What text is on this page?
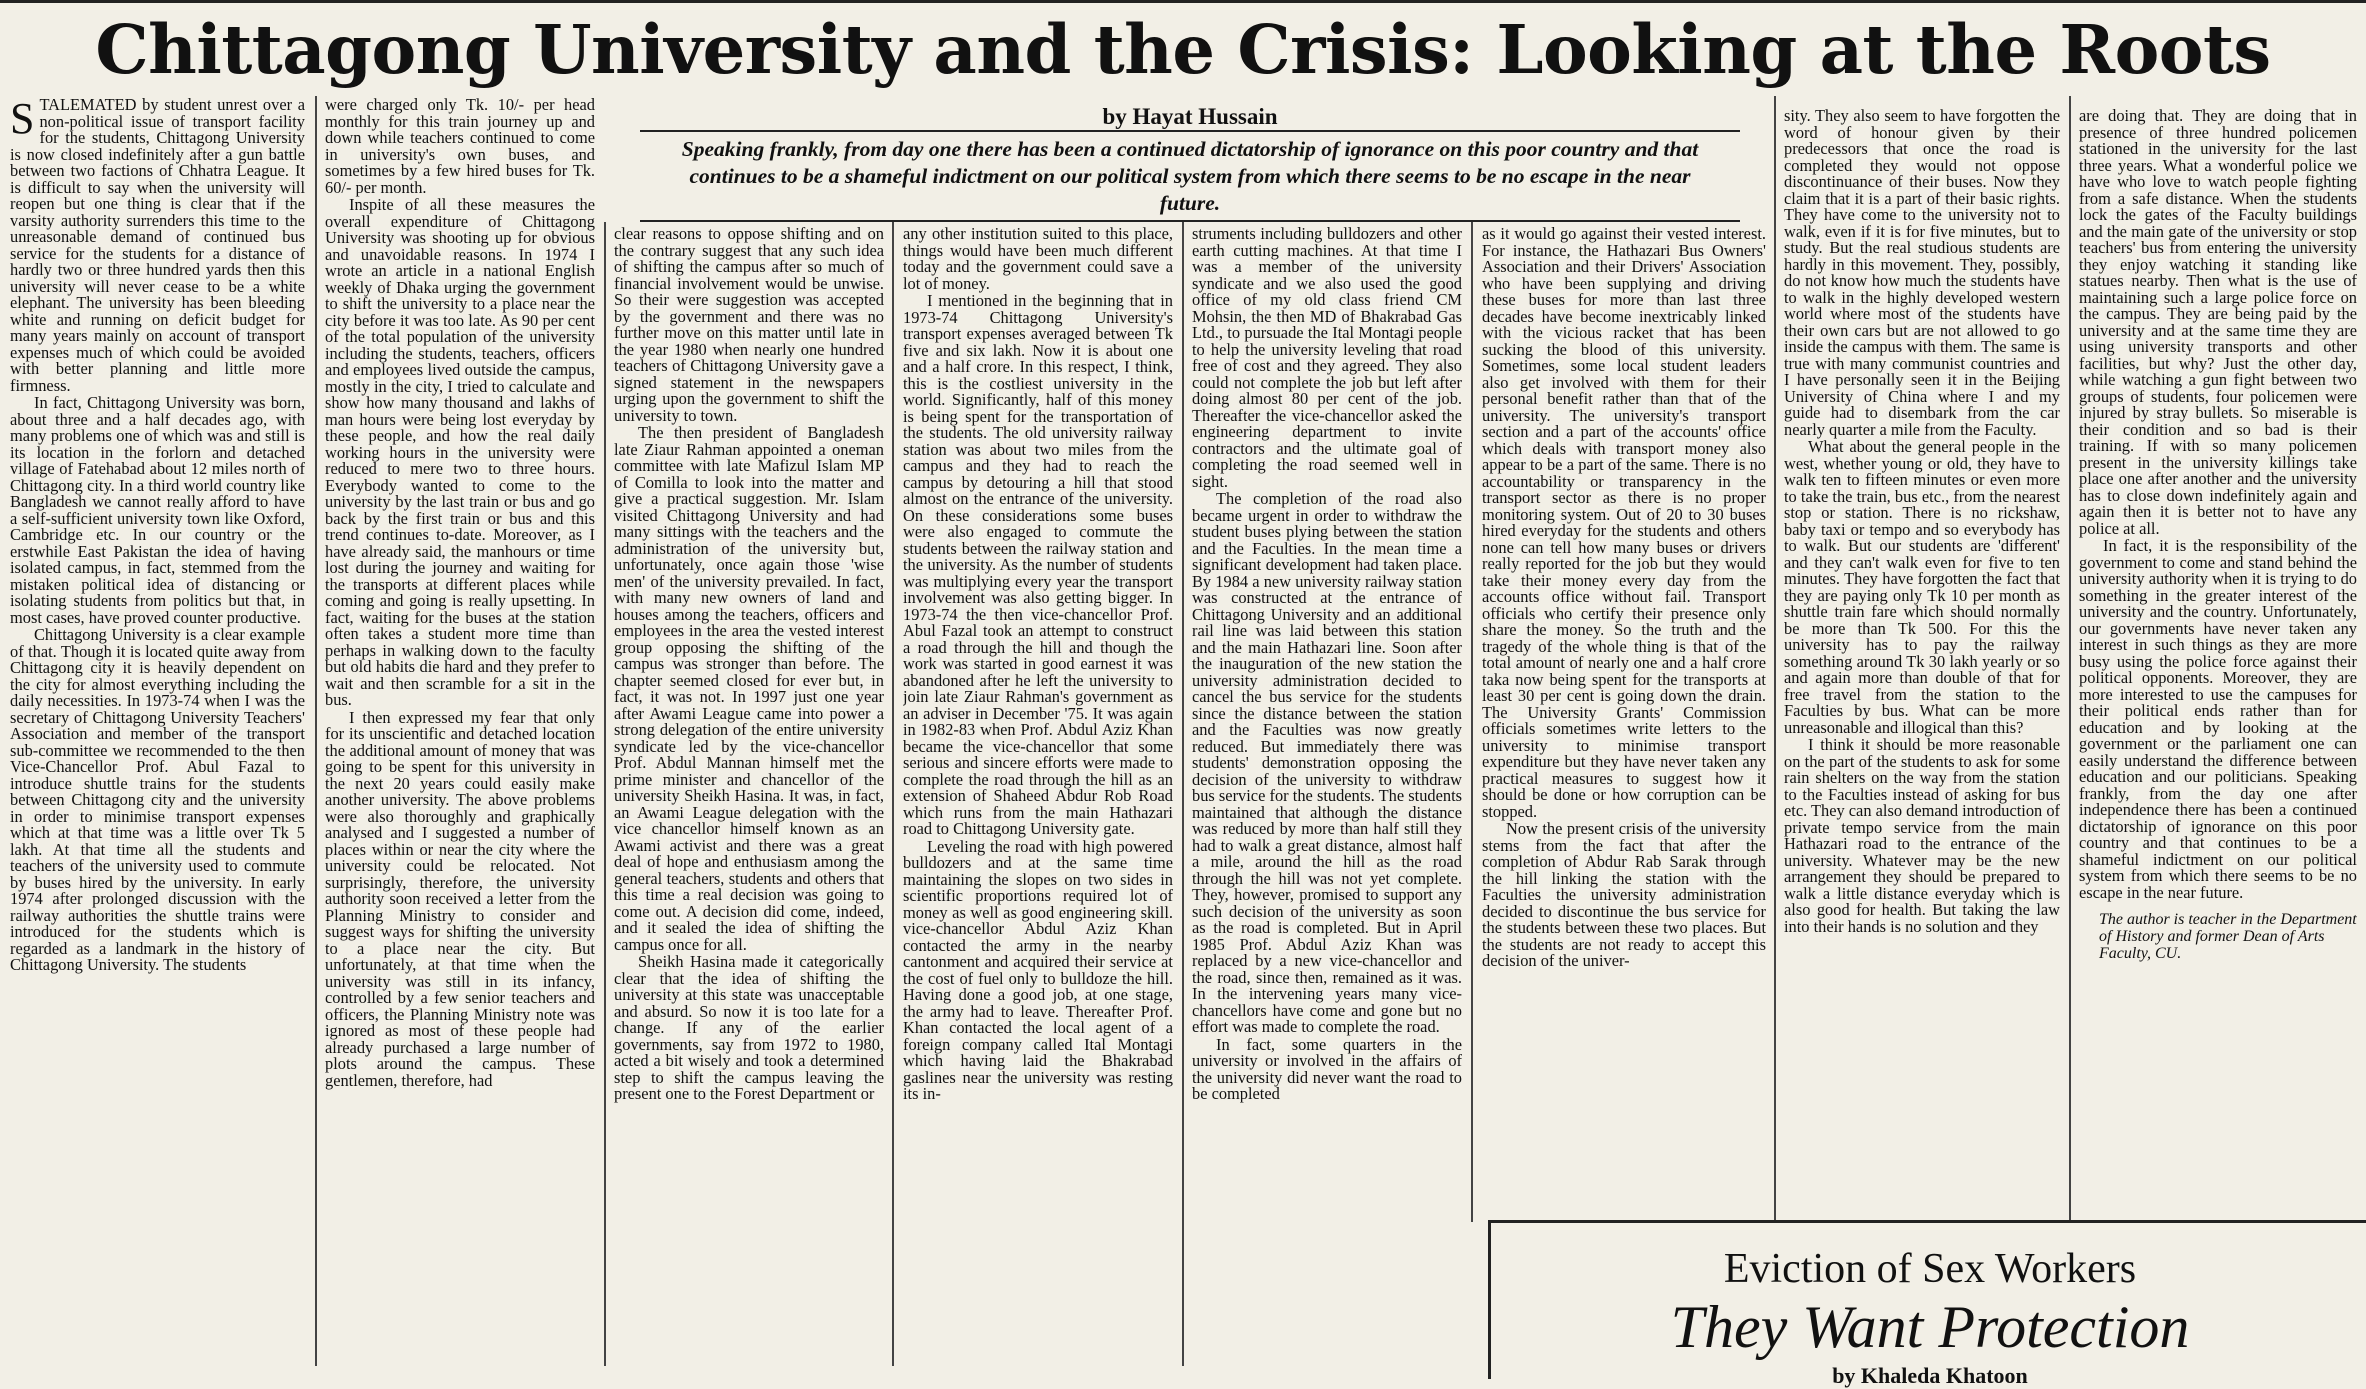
Chittagong University and the Crisis: Looking at the Roots
by Hayat Hussain
Speaking frankly, from day one there has been a continued dictatorship of ignorance on this poor country and that continues to be a shameful indictment on our political system from which there seems to be no escape in the near future.

STALEMATED by student unrest over a non-political issue of transport facility for the students, Chittagong University is now closed indefinitely after a gun battle between two factions of Chhatra League. It is difficult to say when the university will reopen but one thing is clear that if the varsity authority surrenders this time to the unreasonable demand of continued bus service for the students for a distance of hardly two or three hundred yards then this university will never cease to be a white elephant. The university has been bleeding white and running on deficit budget for many years mainly on account of transport expenses much of which could be avoided with better planning and little more firmness.

In fact, Chittagong University was born, about three and a half decades ago, with many problems one of which was and still is its location in the forlorn and detached village of Fatehabad about 12 miles north of Chittagong city. In a third world country like Bangladesh we cannot really afford to have a self-sufficient university town like Oxford, Cambridge etc. In our country or the erstwhile East Pakistan the idea of having isolated campus, in fact, stemmed from the mistaken political idea of distancing or isolating students from politics but that, in most cases, have proved counter productive.

Chittagong University is a clear example of that. Though it is located quite away from Chittagong city it is heavily dependent on the city for almost everything including the daily necessities. In 1973-74 when I was the secretary of Chittagong University Teachers' Association and member of the transport sub-committee we recommended to the then Vice-Chancellor Prof. Abul Fazal to introduce shuttle trains for the students between Chittagong city and the university in order to minimise transport expenses which at that time was a little over Tk 5 lakh. At that time all the students and teachers of the university used to commute by buses hired by the university. In early 1974 after prolonged discussion with the railway authorities the shuttle trains were introduced for the students which is regarded as a landmark in the history of Chittagong University. The students

were charged only Tk. 10/- per head monthly for this train journey up and down while teachers continued to come in university's own buses, and sometimes by a few hired buses for Tk. 60/- per month.

Inspite of all these measures the overall expenditure of Chittagong University was shooting up for obvious and unavoidable reasons. In 1974 I wrote an article in a national English weekly of Dhaka urging the government to shift the university to a place near the city before it was too late. As 90 per cent of the total population of the university including the students, teachers, officers and employees lived outside the campus, mostly in the city, I tried to calculate and show how many thousand and lakhs of man hours were being lost everyday by these people, and how the real daily working hours in the university were reduced to mere two to three hours. Everybody wanted to come to the university by the last train or bus and go back by the first train or bus and this trend continues to-date. Moreover, as I have already said, the manhours or time lost during the journey and waiting for the transports at different places while coming and going is really upsetting. In fact, waiting for the buses at the station often takes a student more time than perhaps in walking down to the faculty but old habits die hard and they prefer to wait and then scramble for a sit in the bus.

I then expressed my fear that only for its unscientific and detached location the additional amount of money that was going to be spent for this university in the next 20 years could easily make another university. The above problems were also thoroughly and graphically analysed and I suggested a number of places within or near the city where the university could be relocated. Not surprisingly, therefore, the university authority soon received a letter from the Planning Ministry to consider and suggest ways for shifting the university to a place near the city. But unfortunately, at that time when the university was still in its infancy, controlled by a few senior teachers and officers, the Planning Ministry note was ignored as most of these people had already purchased a large number of plots around the campus. These gentlemen, therefore, had

clear reasons to oppose shifting and on the contrary suggest that any such idea of shifting the campus after so much of financial involvement would be unwise. So their were suggestion was accepted by the government and there was no further move on this matter until late in the year 1980 when nearly one hundred teachers of Chittagong University gave a signed statement in the newspapers urging upon the government to shift the university to town.

The then president of Bangladesh late Ziaur Rahman appointed a oneman committee with late Mafizul Islam MP of Comilla to look into the matter and give a practical suggestion. Mr. Islam visited Chittagong University and had many sittings with the teachers and the administration of the university but, unfortunately, once again those 'wise men' of the university prevailed. In fact, with many new owners of land and houses among the teachers, officers and employees in the area the vested interest group opposing the shifting of the campus was stronger than before. The chapter seemed closed for ever but, in fact, it was not. In 1997 just one year after Awami League came into power a strong delegation of the entire university syndicate led by the vice-chancellor Prof. Abdul Mannan himself met the prime minister and chancellor of the university Sheikh Hasina. It was, in fact, an Awami League delegation with the vice chancellor himself known as an Awami activist and there was a great deal of hope and enthusiasm among the general teachers, students and others that this time a real decision was going to come out. A decision did come, indeed, and it sealed the idea of shifting the campus once for all.

Sheikh Hasina made it categorically clear that the idea of shifting the university at this state was unacceptable and absurd. So now it is too late for a change. If any of the earlier governments, say from 1972 to 1980, acted a bit wisely and took a determined step to shift the campus leaving the present one to the Forest Department or

any other institution suited to this place, things would have been much different today and the government could save a lot of money.

I mentioned in the beginning that in 1973-74 Chittagong University's transport expenses averaged between Tk five and six lakh. Now it is about one and a half crore. In this respect, I think, this is the costliest university in the world. Significantly, half of this money is being spent for the transportation of the students. The old university railway station was about two miles from the campus and they had to reach the campus by detouring a hill that stood almost on the entrance of the university. On these considerations some buses were also engaged to commute the students between the railway station and the university. As the number of students was multiplying every year the transport involvement was also getting bigger. In 1973-74 the then vice-chancellor Prof. Abul Fazal took an attempt to construct a road through the hill and though the work was started in good earnest it was abandoned after he left the university to join late Ziaur Rahman's government as an adviser in December '75. It was again in 1982-83 when Prof. Abdul Aziz Khan became the vice-chancellor that some serious and sincere efforts were made to complete the road through the hill as an extension of Shaheed Abdur Rob Road which runs from the main Hathazari road to Chittagong University gate.

Leveling the road with high powered bulldozers and at the same time maintaining the slopes on two sides in scientific proportions required lot of money as well as good engineering skill. vice-chancellor Abdul Aziz Khan contacted the army in the nearby cantonment and acquired their service at the cost of fuel only to bulldoze the hill. Having done a good job, at one stage, the army had to leave. Thereafter Prof. Khan contacted the local agent of a foreign company called Ital Montagi which having laid the Bhakrabad gaslines near the university was resting its in-

struments including bulldozers and other earth cutting machines. At that time I was a member of the university syndicate and we also used the good office of my old class friend CM Mohsin, the then MD of Bhakrabad Gas Ltd., to pursuade the Ital Montagi people to help the university leveling that road free of cost and they agreed. They also could not complete the job but left after doing almost 80 per cent of the job. Thereafter the vice-chancellor asked the engineering department to invite contractors and the ultimate goal of completing the road seemed well in sight.

The completion of the road also became urgent in order to withdraw the student buses plying between the station and the Faculties. In the mean time a significant development had taken place. By 1984 a new university railway station was constructed at the entrance of Chittagong University and an additional rail line was laid between this station and the main Hathazari line. Soon after the inauguration of the new station the university administration decided to cancel the bus service for the students since the distance between the station and the Faculties was now greatly reduced. But immediately there was students' demonstration opposing the decision of the university to withdraw bus service for the students. The students maintained that although the distance was reduced by more than half still they had to walk a great distance, almost half a mile, around the hill as the road through the hill was not yet complete. They, however, promised to support any such decision of the university as soon as the road is completed. But in April 1985 Prof. Abdul Aziz Khan was replaced by a new vice-chancellor and the road, since then, remained as it was. In the intervening years many vice-chancellors have come and gone but no effort was made to complete the road.

In fact, some quarters in the university or involved in the affairs of the university did never want the road to be completed

as it would go against their vested interest. For instance, the Hathazari Bus Owners' Association and their Drivers' Association who have been supplying and driving these buses for more than last three decades have become inextricably linked with the vicious racket that has been sucking the blood of this university. Sometimes, some local student leaders also get involved with them for their personal benefit rather than that of the university. The university's transport section and a part of the accounts' office which deals with transport money also appear to be a part of the same. There is no accountability or transparency in the transport sector as there is no proper monitoring system. Out of 20 to 30 buses hired everyday for the students and others none can tell how many buses or drivers really reported for the job but they would take their money every day from the accounts office without fail. Transport officials who certify their presence only share the money. So the truth and the tragedy of the whole thing is that of the total amount of nearly one and a half crore taka now being spent for the transports at least 30 per cent is going down the drain. The University Grants' Commission officials sometimes write letters to the university to minimise transport expenditure but they have never taken any practical measures to suggest how it should be done or how corruption can be stopped.

Now the present crisis of the university stems from the fact that after the completion of Abdur Rab Sarak through the hill linking the station with the Faculties the university administration decided to discontinue the bus service for the students between these two places. But the students are not ready to accept this decision of the univer-

sity. They also seem to have forgotten the word of honour given by their predecessors that once the road is completed they would not oppose discontinuance of their buses. Now they claim that it is a part of their basic rights. They have come to the university not to walk, even if it is for five minutes, but to study. But the real studious students are hardly in this movement. They, possibly, do not know how much the students have to walk in the highly developed western world where most of the students have their own cars but are not allowed to go inside the campus with them. The same is true with many communist countries and I have personally seen it in the Beijing University of China where I and my guide had to disembark from the car nearly quarter a mile from the Faculty.

What about the general people in the west, whether young or old, they have to walk ten to fifteen minutes or even more to take the train, bus etc., from the nearest stop or station. There is no rickshaw, baby taxi or tempo and so everybody has to walk. But our students are 'different' and they can't walk even for five to ten minutes. They have forgotten the fact that they are paying only Tk 10 per month as shuttle train fare which should normally be more than Tk 500. For this the university has to pay the railway something around Tk 30 lakh yearly or so and again more than double of that for free travel from the station to the Faculties by bus. What can be more unreasonable and illogical than this?

I think it should be more reasonable on the part of the students to ask for some rain shelters on the way from the station to the Faculties instead of asking for bus etc. They can also demand introduction of private tempo service from the main Hathazari road to the entrance of the university. Whatever may be the new arrangement they should be prepared to walk a little distance everyday which is also good for health. But taking the law into their hands is no solution and they

are doing that. They are doing that in presence of three hundred policemen stationed in the university for the last three years. What a wonderful police we have who love to watch people fighting from a safe distance. When the students lock the gates of the Faculty buildings and the main gate of the university or stop teachers' bus from entering the university they enjoy watching it standing like statues nearby. Then what is the use of maintaining such a large police force on the campus. They are being paid by the university and at the same time they are using university transports and other facilities, but why? Just the other day, while watching a gun fight between two groups of students, four policemen were injured by stray bullets. So miserable is their condition and so bad is their training. If with so many policemen present in the university killings take place one after another and the university has to close down indefinitely again and again then it is better not to have any police at all.

In fact, it is the responsibility of the government to come and stand behind the university authority when it is trying to do something in the greater interest of the university and the country. Unfortunately, our governments have never taken any interest in such things as they are more busy using the police force against their political opponents. Moreover, they are more interested to use the campuses for their political ends rather than for education and by looking at the government or the parliament one can easily understand the difference between education and our politicians. Speaking frankly, from the day one after independence there has been a continued dictatorship of ignorance on this poor country and that continues to be a shameful indictment on our political system from which there seems to be no escape in the near future.

The author is teacher in the Department of History and former Dean of Arts Faculty, CU.
Eviction of Sex Workers
They Want Protection
by Khaleda Khatoon
